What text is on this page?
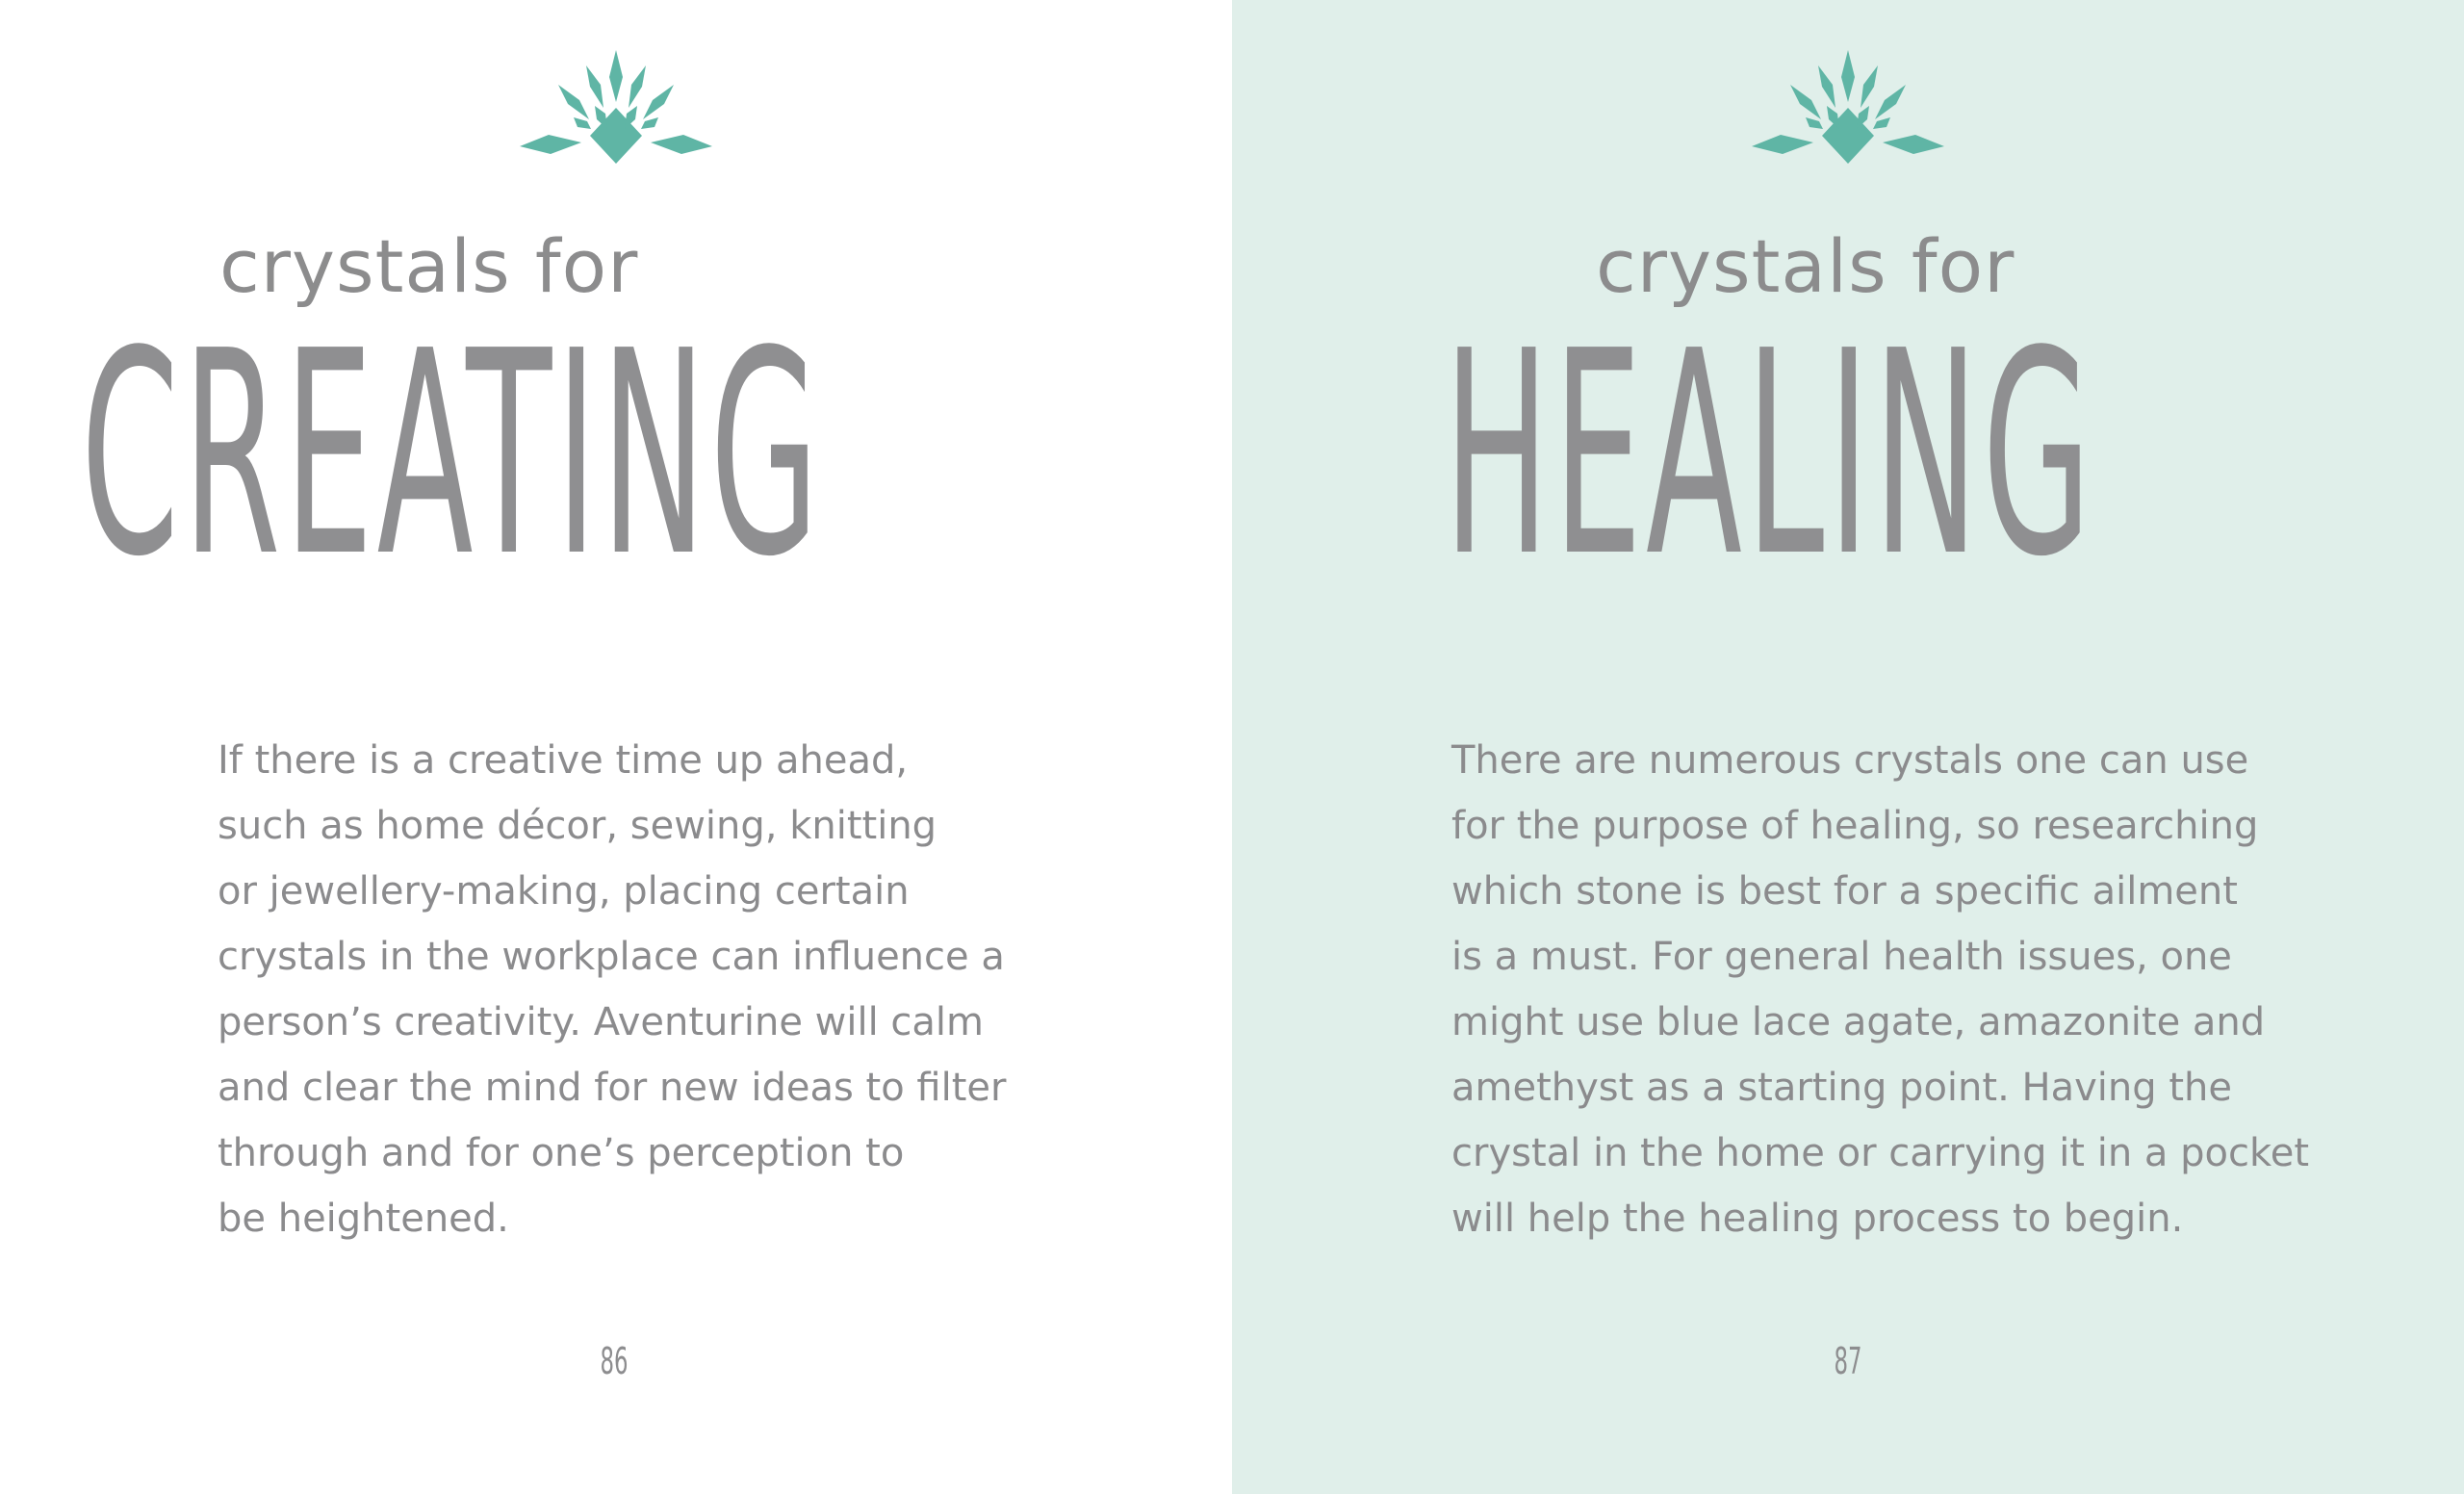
crystals for
CREATING

If there is a creative time up ahead,
such as home décor, sewing, knitting
or jewellery-making, placing certain
crystals in the workplace can influence a
person’s creativity. Aventurine will calm
and clear the mind for new ideas to filter
through and for one’s perception to
be heightened.

86

crystals for
HEALING

There are numerous crystals one can use
for the purpose of healing, so researching
which stone is best for a specific ailment
is a must. For general health issues, one
might use blue lace agate, amazonite and
amethyst as a starting point. Having the
crystal in the home or carrying it in a pocket
will help the healing process to begin.

87
